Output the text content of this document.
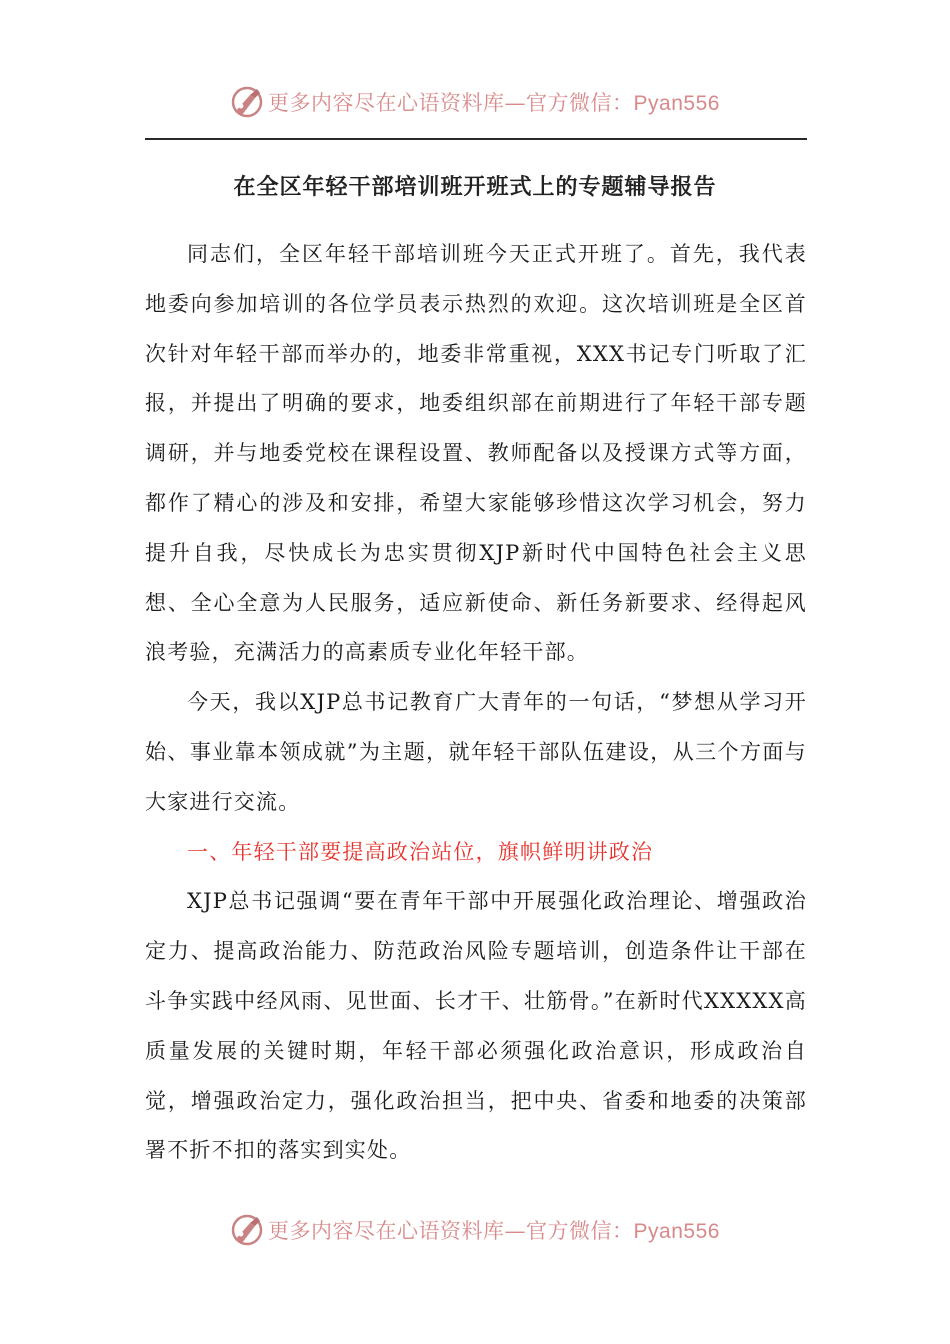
更多内容尽在心语资料库—官方微信：Pyan556
在全区年轻干部培训班开班式上的专题辅导报告

同志们，全区年轻干部培训班今天正式开班了。首先，我代表地委向参加培训的各位学员表示热烈的欢迎。这次培训班是全区首次针对年轻干部而举办的，地委非常重视，XXX书记专门听取了汇报，并提出了明确的要求，地委组织部在前期进行了年轻干部专题调研，并与地委党校在课程设置、教师配备以及授课方式等方面，都作了精心的涉及和安排，希望大家能够珍惜这次学习机会，努力提升自我，尽快成长为忠实贯彻XJP新时代中国特色社会主义思想、全心全意为人民服务，适应新使命、新任务新要求、经得起风浪考验，充满活力的高素质专业化年轻干部。

今天，我以XJP总书记教育广大青年的一句话，“梦想从学习开始、事业靠本领成就”为主题，就年轻干部队伍建设，从三个方面与大家进行交流。

一、年轻干部要提高政治站位，旗帜鲜明讲政治

XJP总书记强调“要在青年干部中开展强化政治理论、增强政治定力、提高政治能力、防范政治风险专题培训，创造条件让干部在斗争实践中经风雨、见世面、长才干、壮筋骨。”在新时代XXXXX高质量发展的关键时期，年轻干部必须强化政治意识，形成政治自觉，增强政治定力，强化政治担当，把中央、省委和地委的决策部署不折不扣的落实到实处。

更多内容尽在心语资料库—官方微信：Pyan556
